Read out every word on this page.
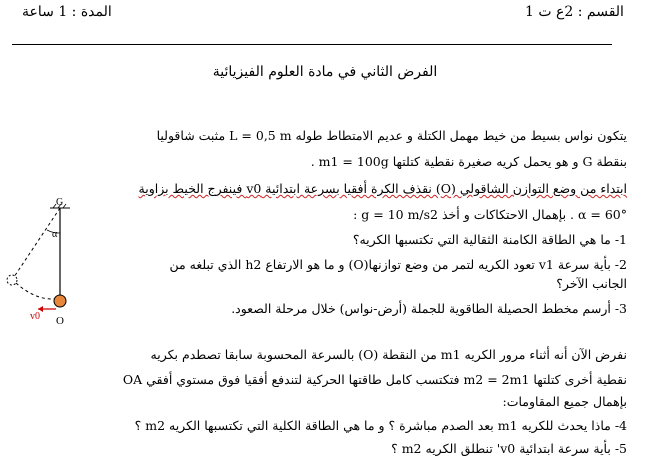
القسم : 2ع ت 1
المدة : 1 ساعة
الفرض الثاني في مادة العلوم الفيزيائية
يتكون نواس بسيط من خيط مهمل الكتلة و عديم الامتطاط طوله L = 0,5 m مثبت شاقوليا
بنقطة G و هو يحمل كريه صغيرة نقطية كتلتها m1 = 100g .
ابتداء من وضع التوازن الشاقولي (O) نقذف الكرة أفقيا بسرعة ابتدائية v0 فينفرج الخيط بزاوية
α = 60° . بإهمال الاحتكاكات و أخذ g = 10 m/s2 :
1- ما هي الطاقة الكامنة الثقالية التي تكتسبها الكريه؟
2- بأية سرعة v1 تعود الكريه لتمر من وضع توازنها(O) و ما هو الارتفاع h2 الذي تبلغه من
الجانب الآخر؟
3- أرسم مخطط الحصيلة الطاقوية للجملة (أرض-نواس) خلال مرحلة الصعود.
نفرض الآن أنه أثناء مرور الكريه m1 من النقطة (O) بالسرعة المحسوبة سابقا تصطدم بكريه
نقطية أخرى كتلتها m2 = 2m1 فتكتسب كامل طاقتها الحركية لتندفع أفقيا فوق مستوي أفقي OA
بإهمال جميع المقاومات:
4- ماذا يحدث للكريه m1 بعد الصدم مباشرة ؟ و ما هي الطاقة الكلية التي تكتسبها الكريه m2 ؟
5- بأية سرعة ابتدائية v0' تنطلق الكريه m2 ؟
G
α
O
v0
